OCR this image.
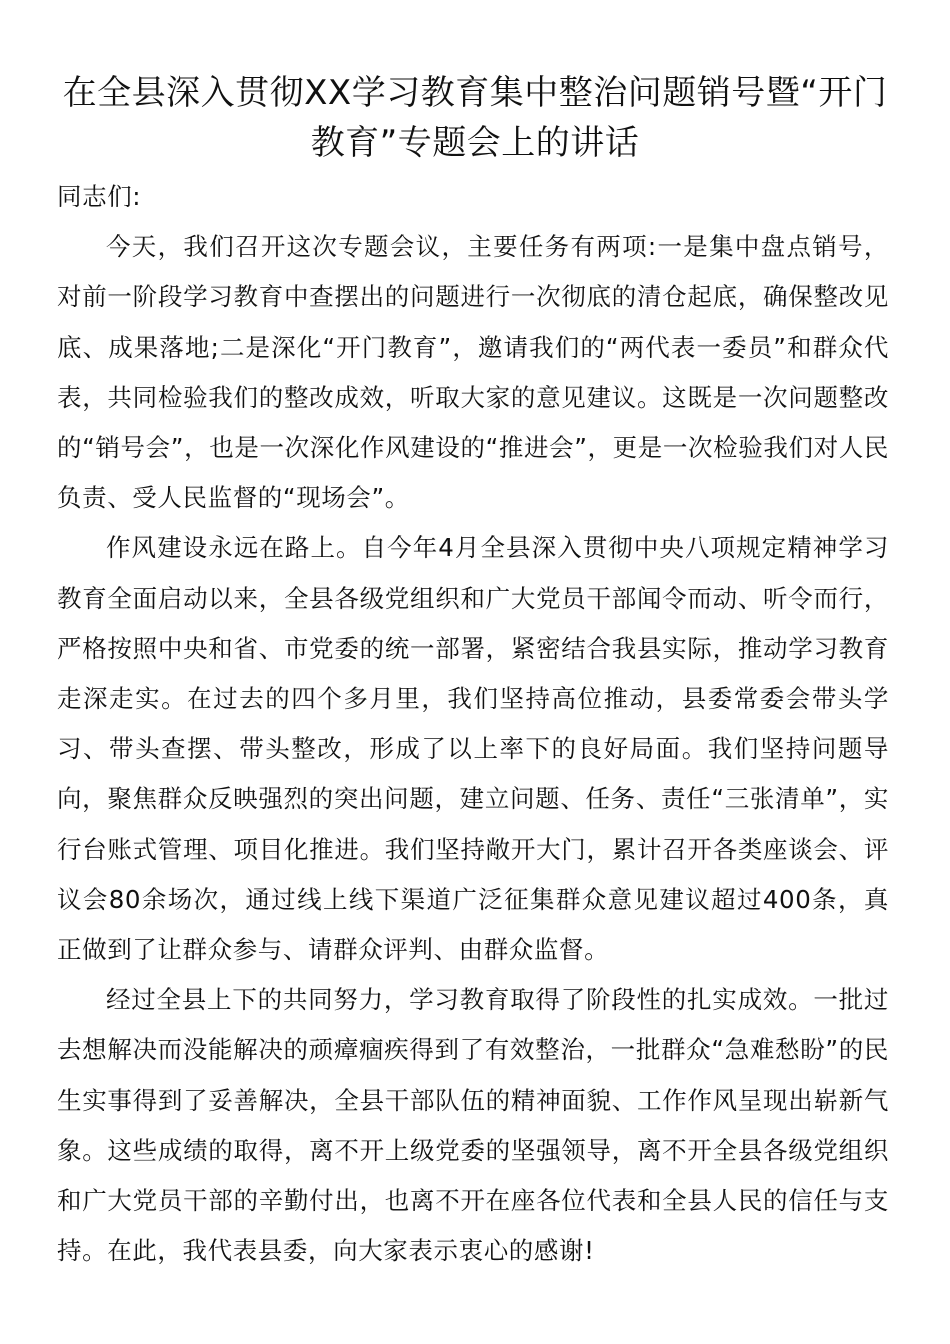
在全县深入贯彻XX学习教育集中整治问题销号暨“开门教育”专题会上的讲话

同志们:

今天，我们召开这次专题会议，主要任务有两项:一是集中盘点销号，对前一阶段学习教育中查摆出的问题进行一次彻底的清仓起底，确保整改见底、成果落地;二是深化“开门教育”，邀请我们的“两代表一委员”和群众代表，共同检验我们的整改成效，听取大家的意见建议。这既是一次问题整改的“销号会”，也是一次深化作风建设的“推进会”，更是一次检验我们对人民负责、受人民监督的“现场会”。

作风建设永远在路上。自今年4月全县深入贯彻中央八项规定精神学习教育全面启动以来，全县各级党组织和广大党员干部闻令而动、听令而行，严格按照中央和省、市党委的统一部署，紧密结合我县实际，推动学习教育走深走实。在过去的四个多月里，我们坚持高位推动，县委常委会带头学习、带头查摆、带头整改，形成了以上率下的良好局面。我们坚持问题导向，聚焦群众反映强烈的突出问题，建立问题、任务、责任“三张清单”，实行台账式管理、项目化推进。我们坚持敞开大门，累计召开各类座谈会、评议会80余场次，通过线上线下渠道广泛征集群众意见建议超过400条，真正做到了让群众参与、请群众评判、由群众监督。

经过全县上下的共同努力，学习教育取得了阶段性的扎实成效。一批过去想解决而没能解决的顽瘴痼疾得到了有效整治，一批群众“急难愁盼”的民生实事得到了妥善解决，全县干部队伍的精神面貌、工作作风呈现出崭新气象。这些成绩的取得，离不开上级党委的坚强领导，离不开全县各级党组织和广大党员干部的辛勤付出，也离不开在座各位代表和全县人民的信任与支持。在此，我代表县委，向大家表示衷心的感谢!
